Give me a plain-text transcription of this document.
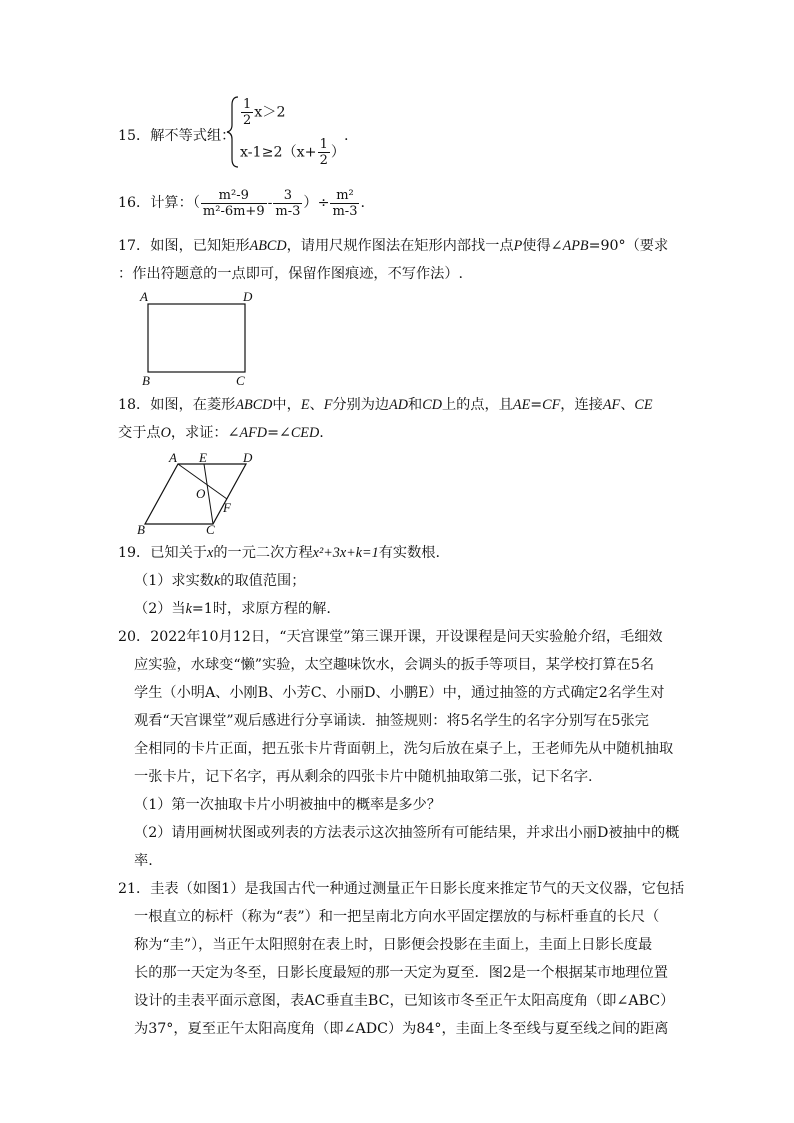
15．解不等式组：
$\frac{1}{2} x>2$
$x-1\ge 2(x+ \frac{1}{2}$ ）
.
16．计算：（ $\frac{\text{m²-9}}{\text{m²-6m+9}} - \frac{3}{m-3}$ ）÷ $\frac{\text{m²}}{m-3}$ .
17．如图，已知矩形ABCD，请用尺规作图法在矩形内部找一点P使得∠APB=90°（要求
：作出符题意的一点即可，保留作图痕迹，不写作法）.
A	D
B	C
18．如图，在菱形ABCD中，E、F分别为边AD和CD上的点，且AE=CF，连接AF、CE
交于点O，求证：∠AFD=∠CED.
A E	D
O
F
B	C
19．已知关于x的一元二次方程x²+3x+k=1有实数根.
（1）求实数k的取值范围；
（2）当k=1时，求原方程的解.
20．2022年10月12日，“天宫课堂”第三课开课，开设课程是问天实验舱介绍，毛细效
应实验，水球变“懒”实验，太空趣味饮水，会调头的扳手等项目，某学校打算在5名
学生（小明A、小刚B、小芳C、小丽D、小鹏E）中，通过抽签的方式确定2名学生对
观看“天宫课堂”观后感进行分享诵读．抽签规则：将5名学生的名字分别写在5张完
全相同的卡片正面，把五张卡片背面朝上，洗匀后放在桌子上，王老师先从中随机抽取
一张卡片，记下名字，再从剩余的四张卡片中随机抽取第二张，记下名字.
（1）第一次抽取卡片小明被抽中的概率是多少？
（2）请用画树状图或列表的方法表示这次抽签所有可能结果，并求出小丽D被抽中的概
率.
21．圭表（如图1）是我国古代一种通过测量正午日影长度来推定节气的天文仪器，它包括
一根直立的标杆（称为“表”）和一把呈南北方向水平固定摆放的与标杆垂直的长尺（
称为“圭”），当正午太阳照射在表上时，日影便会投影在圭面上，圭面上日影长度最
长的那一天定为冬至，日影长度最短的那一天定为夏至．图2是一个根据某市地理位置
设计的圭表平面示意图，表AC垂直圭BC，已知该市冬至正午太阳高度角（即∠ABC）
为37°，夏至正午太阳高度角（即∠ADC）为84°，圭面上冬至线与夏至线之间的距离
